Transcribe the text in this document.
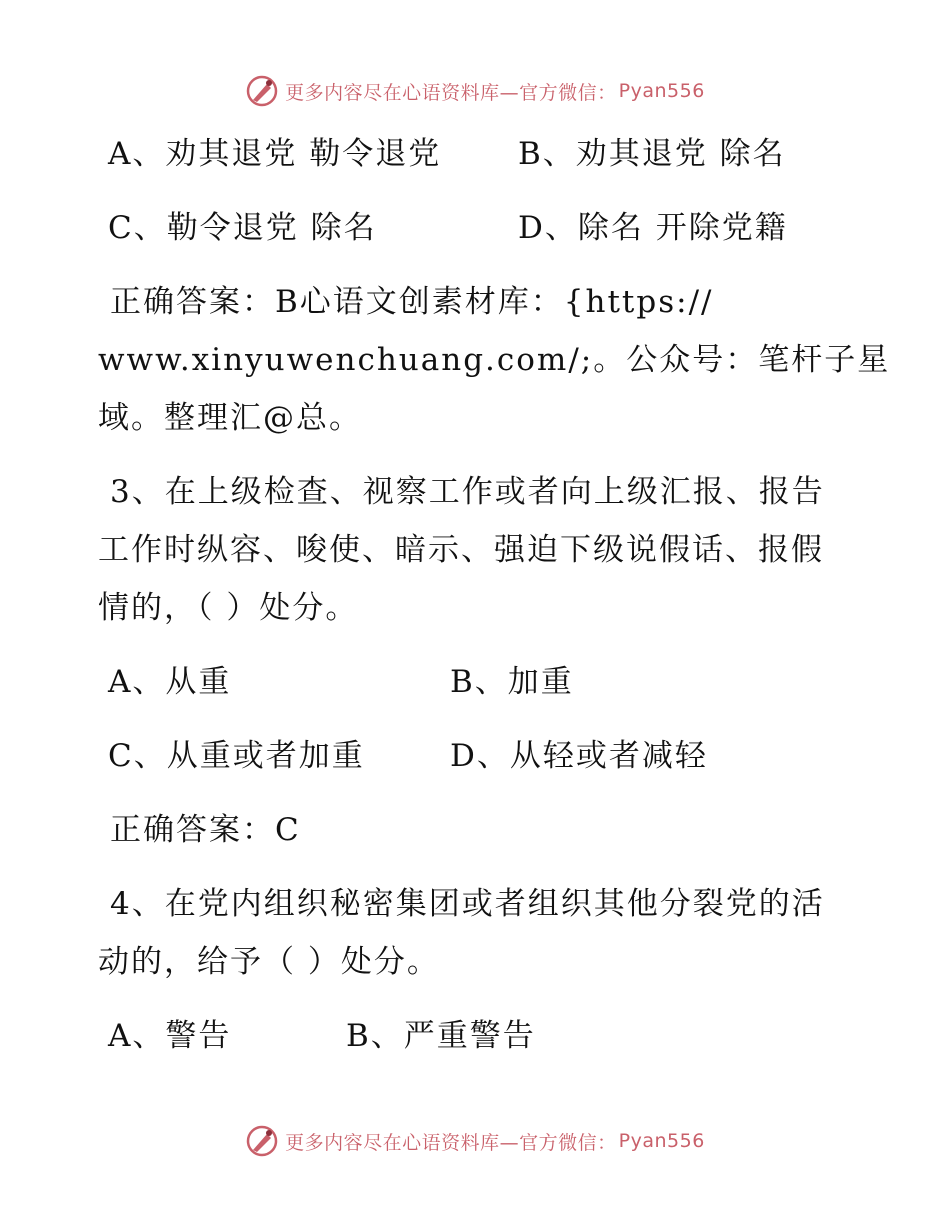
更多内容尽在心语资料库—官方微信： Pyan556
A、劝其退党 勒令退党 B、劝其退党 除名
C、勒令退党 除名	D、除名 开除党籍
正确答案：B心语文创素材库：{https://
www.xinyuwenchuang.com/;。公众号：笔杆子星
域。整理汇@总。
3、在上级检查、视察工作或者向上级汇报、报告
工作时纵容、唆使、暗示、强迫下级说假话、报假
情的，（ ）处分。
A、从重	B、加重
C、从重或者加重	D、从轻或者减轻
正确答案：C
4、在党内组织秘密集团或者组织其他分裂党的活
动的，给予（ ）处分。
A、警告	B、严重警告
更多内容尽在心语资料库—官方微信： Pyan556
